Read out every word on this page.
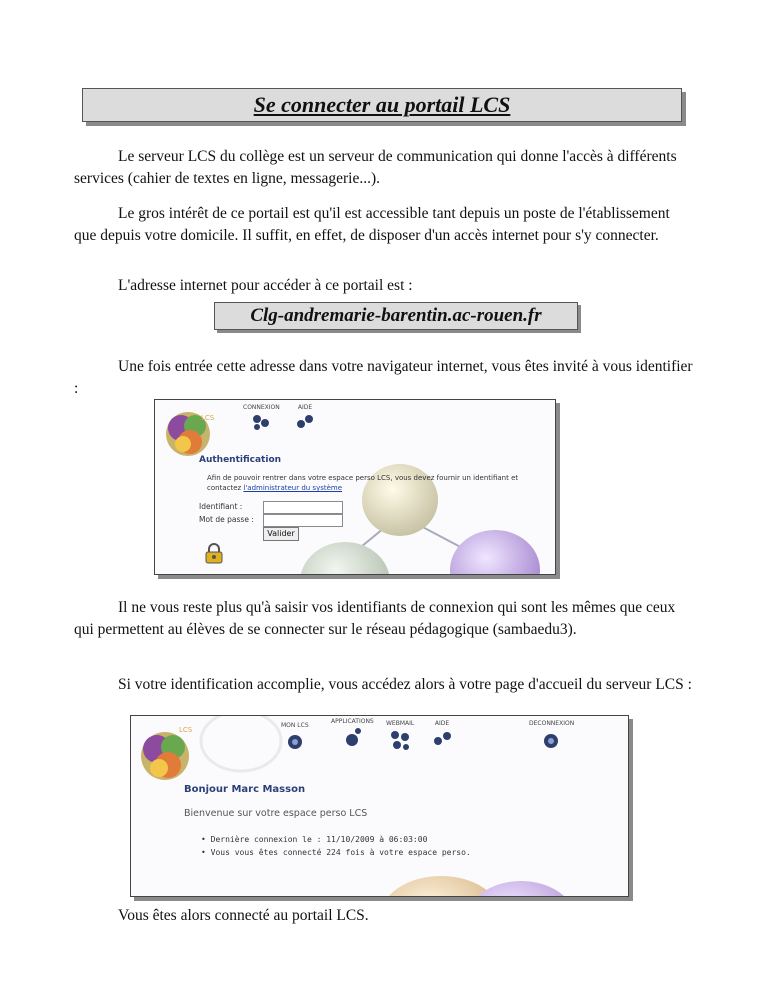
Se connecter au portail LCS

Le serveur LCS du collège est un serveur de communication qui donne l'accès à différents services (cahier de textes en ligne, messagerie...).

Le gros intérêt de ce portail est qu'il est accessible tant depuis un poste de l'établissement que depuis votre domicile. Il suffit, en effet, de disposer d'un accès internet pour s'y connecter.

L'adresse internet pour accéder à ce portail est :

Clg-andremarie-barentin.ac-rouen.fr

Une fois entrée cette adresse dans votre navigateur internet, vous êtes invité à vous identifier :

LCS
CONNEXION	AIDE
Authentification
Afin de pouvoir rentrer dans votre espace perso LCS, vous devez fournir un identifiant et contactez l'administrateur du système
Identifiant :
Mot de passe :
Valider

Il ne vous reste plus qu'à saisir vos identifiants de connexion qui sont les mêmes que ceux qui permettent au élèves de se connecter sur le réseau pédagogique (sambaedu3).

Si votre identification accomplie, vous accédez alors à votre page d'accueil du serveur LCS :

LCS
MON LCS
APPLICATIONS WEBMAIL	AIDE	DECONNEXION
Bonjour Marc Masson
Bienvenue sur votre espace perso LCS
• Dernière connexion le : 11/10/2009 à 06:03:00
• Vous vous êtes connecté 224 fois à votre espace perso.

Vous êtes alors connecté au portail LCS.
